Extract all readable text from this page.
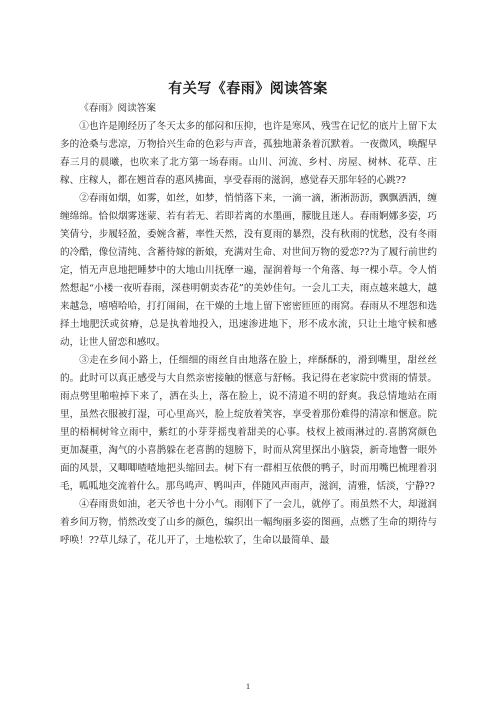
有关写《春雨》阅读答案

《春雨》阅读答案

①也许是刚经历了冬天太多的郁闷和压抑，也许是寒风、残雪在记忆的底片上留下太多的沧桑与悲凉，万物拾兴生命的色彩与声音，孤独地萧条着沉默着。一夜微风，唤醒早春三月的晨曦，也吹来了北方第一场春雨。山川、河流、乡村、房屋、树林、花草、庄稼、庄稼人，都在翘首春的惠风拂面，享受春雨的滋润，感觉春天那年轻的心跳??

②春雨如烟，如雾，如丝，如梦，悄悄落下来，一滴一滴，淅淅沥沥，飘飘洒洒，缠缠绵绵。恰似烟雾迷蒙、若有若无、若即若离的水墨画，朦胧且迷人。春雨婀娜多姿，巧笑倩兮，步履轻盈，委婉含蓄，率性天然，没有夏雨的暴烈，没有秋雨的忧愁，没有冬雨的冷酷，像位清纯、含蓄待嫁的新娘，充满对生命、对世间万物的爱恋??为了履行前世约定，悄无声息地把睡梦中的大地山川抚摩一遍，湿润着每一个角落、每一棵小草。令人悄然想起“小楼一夜听春雨，深巷明朝卖杏花”的美妙佳句。一会儿工夫，雨点越来越大，越来越急，嘻嘻哈哈，打打闹闹，在干燥的土地上留下密密匝匝的雨窝。春雨从不埋怨和选择土地肥沃或贫瘠，总是执着地投入，迅速渗进地下，形不成水流，只让土地守候和感动，让世人留恋和感叹。

③走在乡间小路上，任细细的雨丝自由地落在脸上，痒酥酥的，滑到嘴里，甜丝丝的。此时可以真正感受与大自然亲密接触的惬意与舒畅。我记得在老家院中赏雨的情景。雨点劈里啪啦掉下来了，洒在头上，落在脸上，说不清道不明的舒爽。我总情地站在雨里，虽然衣服被打湿，可心里高兴，脸上绽放着笑容，享受着那份难得的清凉和惬意。院里的梧桐树耸立雨中，紫红的小芽芽摇曳着甜美的心事。枝杈上被雨淋过的.喜鹊窝颜色更加凝重，淘气的小喜鹊躲在老喜鹊的翅膀下，时而从窝里探出小脑袋，新奇地瞥一眼外面的风景，又唧唧喳喳地把头缩回去。树下有一群相互依偎的鸭子，时而用嘴巴梳理着羽毛，呱呱地交流着什么。那鸟鸣声、鸭叫声，伴随风声雨声，滋润，清雅，恬淡，宁静??

④春雨贵如油，老天爷也十分小气。雨刚下了一会儿，就停了。雨虽然不大，却滋润着乡间万物，悄然改变了山乡的颜色，编织出一幅绚丽多姿的图画，点燃了生命的期待与呼唤！??草儿绿了，花儿开了，土地松软了，生命以最简单、最

1
